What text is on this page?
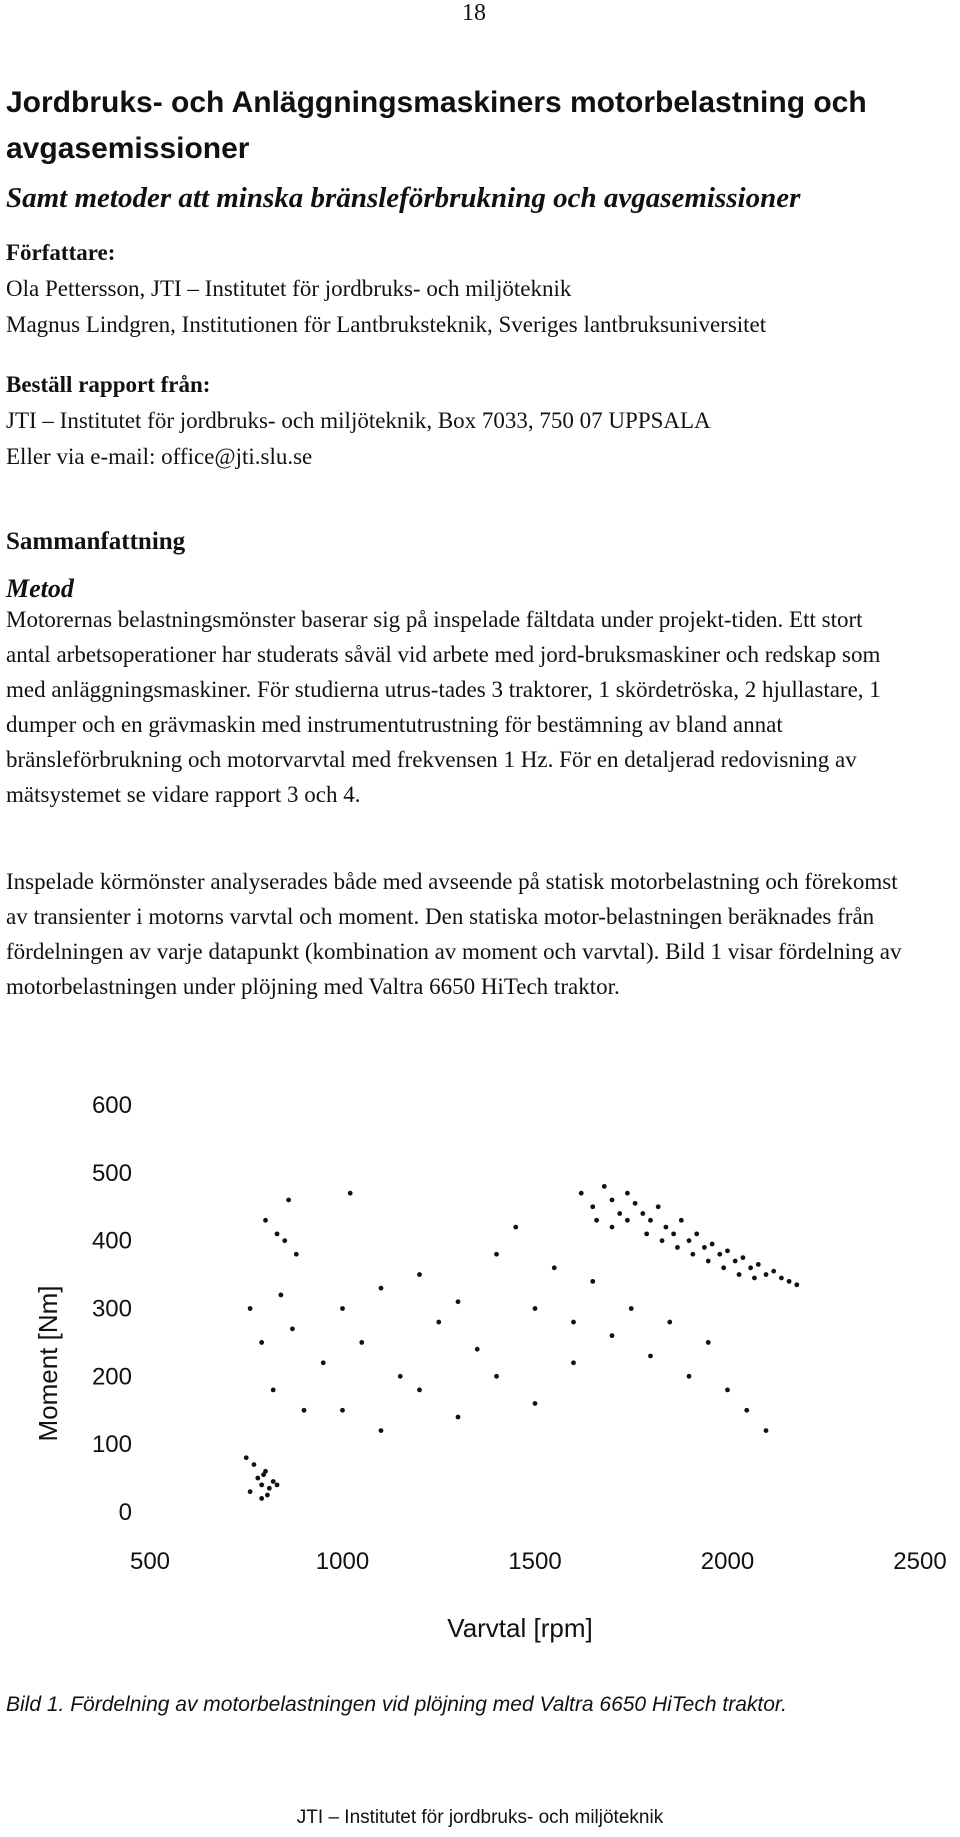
18
Jordbruks- och Anläggningsmaskiners motorbelastning och avgasemissioner
Samt metoder att minska bränsleförbrukning och avgasemissioner
Författare:
Ola Pettersson, JTI – Institutet för jordbruks- och miljöteknik
Magnus Lindgren, Institutionen för Lantbruksteknik, Sveriges lantbruksuniversitet
Beställ rapport från:
JTI – Institutet för jordbruks- och miljöteknik, Box 7033, 750 07 UPPSALA
Eller via e-mail: office@jti.slu.se
Sammanfattning
Metod
Motorernas belastningsmönster baserar sig på inspelade fältdata under projekt-tiden. Ett stort antal arbetsoperationer har studerats såväl vid arbete med jord-bruksmaskiner och redskap som med anläggningsmaskiner. För studierna utrus-tades 3 traktorer, 1 skördetröska, 2 hjullastare, 1 dumper och en grävmaskin med instrumentutrustning för bestämning av bland annat bränsleförbrukning och motorvarvtal med frekvensen 1 Hz. För en detaljerad redovisning av mätsystemet se vidare rapport 3 och 4.
Inspelade körmönster analyserades både med avseende på statisk motorbelastning och förekomst av transienter i motorns varvtal och moment. Den statiska motor-belastningen beräknades från fördelningen av varje datapunkt (kombination av moment och varvtal). Bild 1 visar fördelning av motorbelastningen under plöjning med Valtra 6650 HiTech traktor.
0
100
200
300
400
500
600
500	1000	1500	2000	2500
Moment [Nm]
Varvtal [rpm]
Bild 1. Fördelning av motorbelastningen vid plöjning med Valtra 6650 HiTech traktor.
JTI – Institutet för jordbruks- och miljöteknik
